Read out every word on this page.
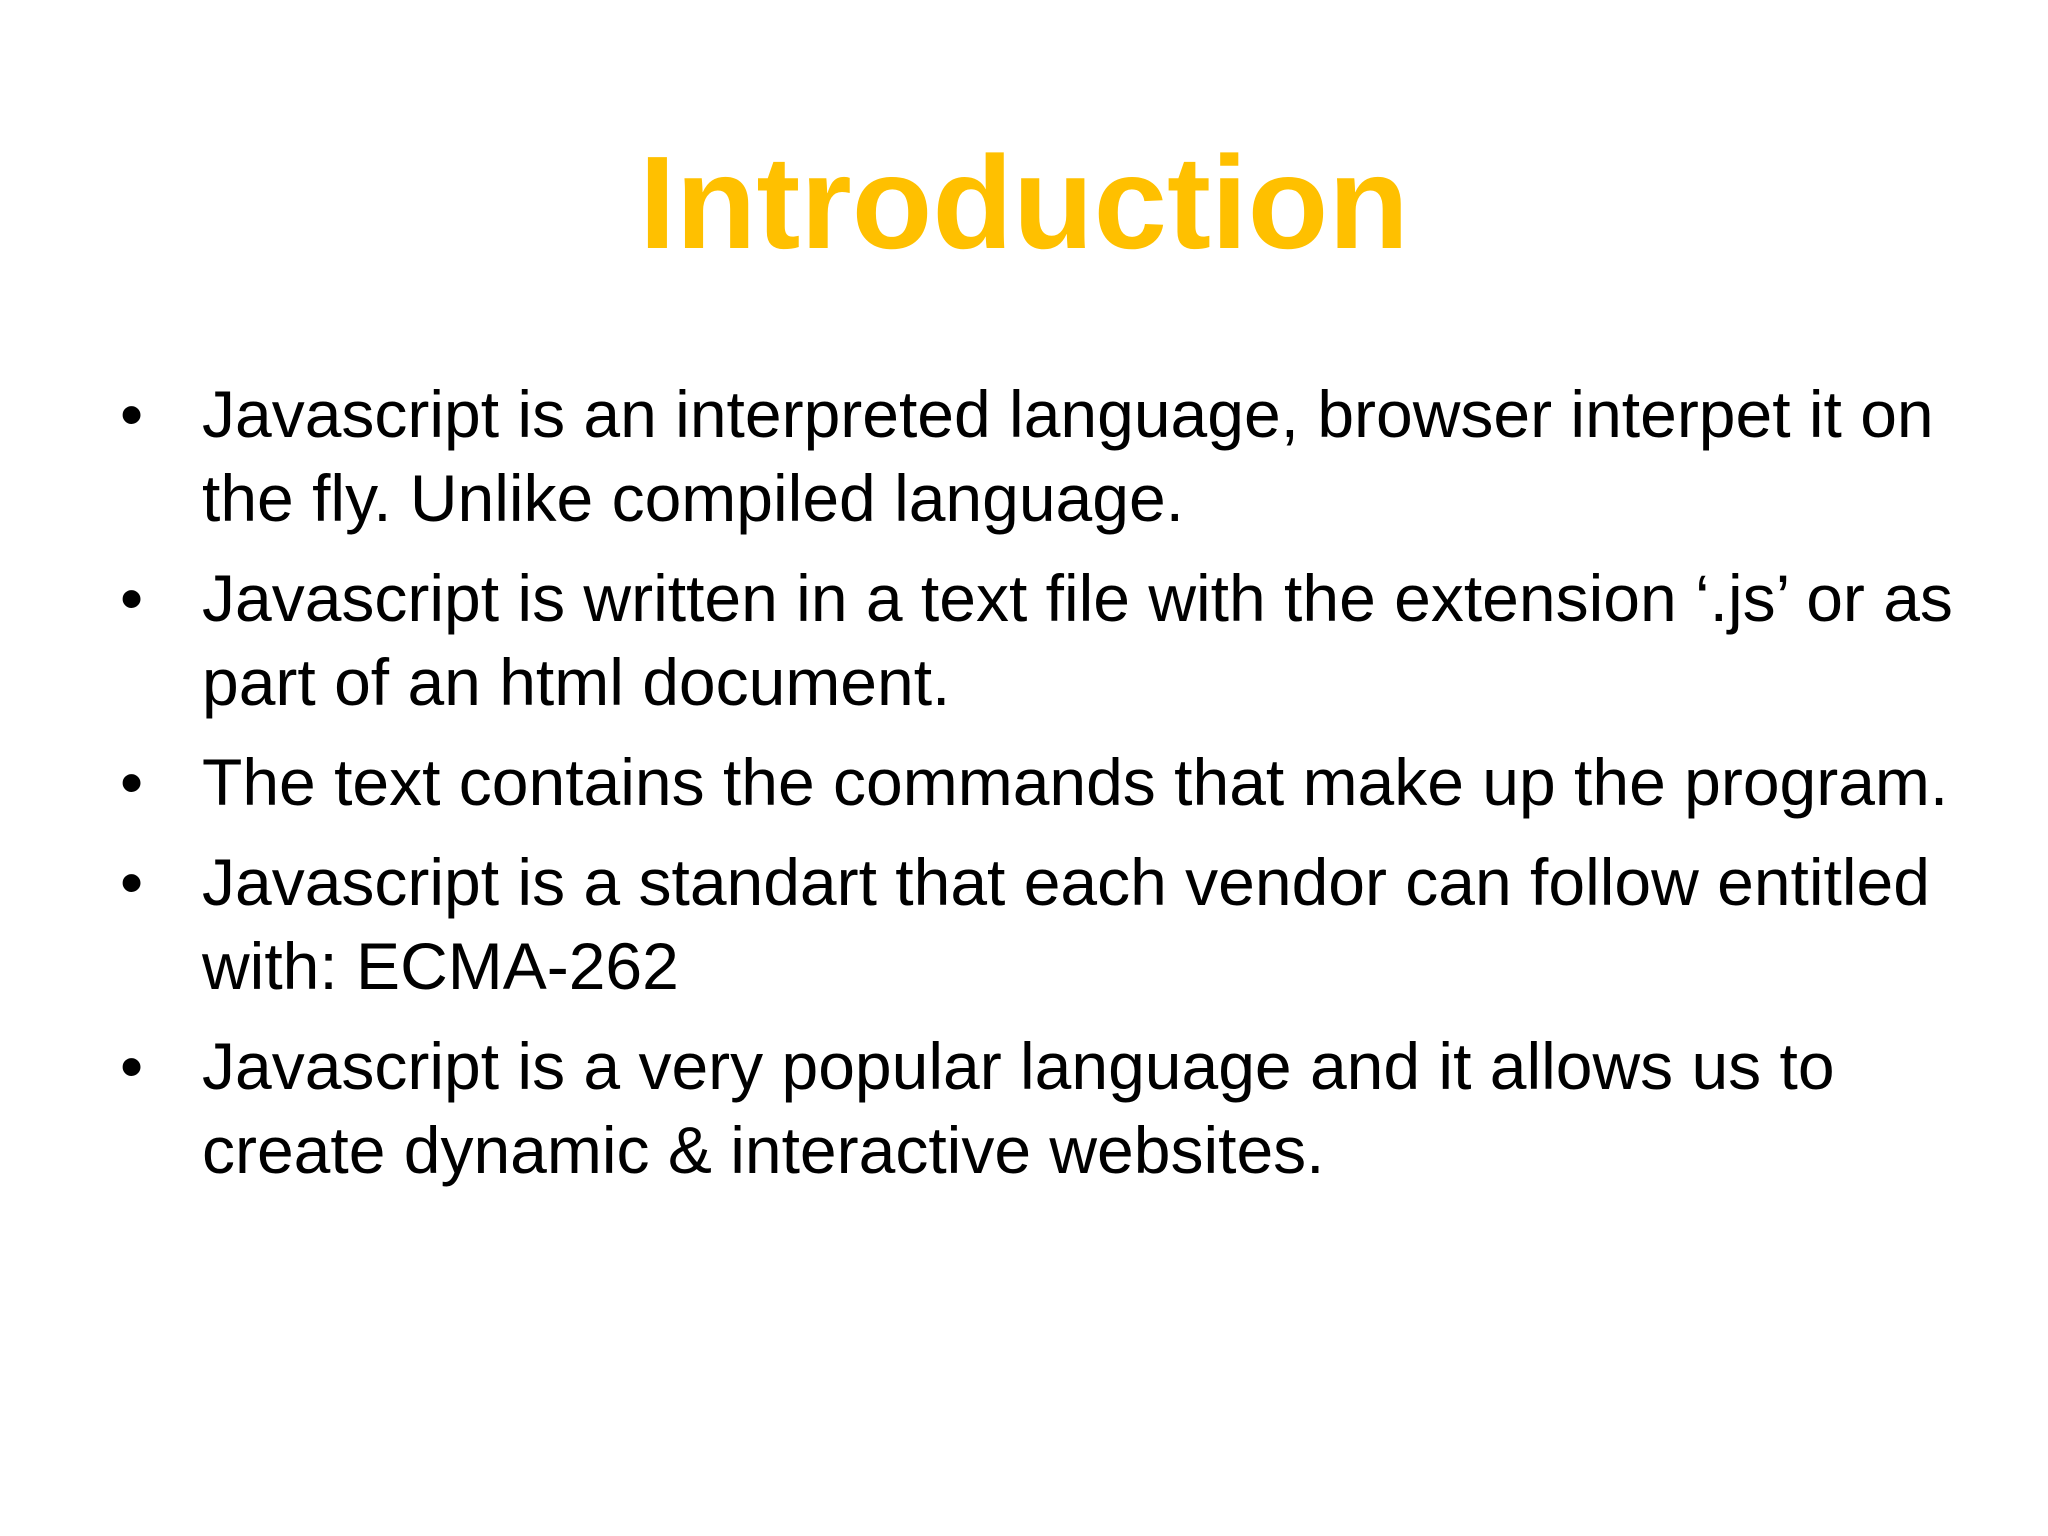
Introduction
• Javascript is an interpreted language, browser interpet it on the fly. Unlike compiled language.
• Javascript is written in a text file with the extension ‘.js’ or as part of an html document.
• The text contains the commands that make up the program.
• Javascript is a standart that each vendor can follow entitled with: ECMA-262
• Javascript is a very popular language and it allows us to create dynamic & interactive websites.
